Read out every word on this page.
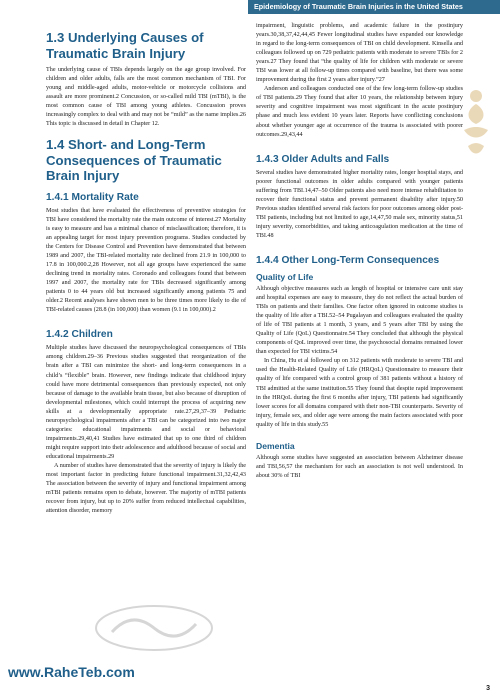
Epidemiology of Traumatic Brain Injuries in the United States
1.3 Underlying Causes of Traumatic Brain Injury

The underlying cause of TBIs depends largely on the age group involved. For children and older adults, falls are the most common mechanism of TBI. For young and middle-aged adults, motor-vehicle or motorcycle collisions and assault are more prominent.2 Concussion, or so-called mild TBI (mTBI), is the most common cause of TBI among young athletes. Concussion proves increasingly complex to deal with and may not be “mild” as the name implies.26 This topic is discussed in detail in Chapter 12.

1.4 Short- and Long-Term Consequences of Traumatic Brain Injury
1.4.1 Mortality Rate

Most studies that have evaluated the effectiveness of preventive strategies for TBI have considered the mortality rate the main outcome of interest.27 Mortality is easy to measure and has a minimal chance of misclassification; therefore, it is an appealing target for most injury prevention programs. Studies conducted by the Centers for Disease Control and Prevention have demonstrated that between 1989 and 2007, the TBI-related mortality rate declined from 21.9 in 100,000 to 17.8 in 100,000.2,28 However, not all age groups have experienced the same declining trend in mortality rates. Coronado and colleagues found that between 1997 and 2007, the mortality rate for TBIs decreased significantly among patients 0 to 44 years old but increased significantly among patients 75 and older.2 Recent analyses have shown men to be three times more likely to die of TBI-related causes (28.8 (in 100,000) than women (9.1 in 100,000).2

1.4.2 Children

Multiple studies have discussed the neuropsychological consequences of TBIs among children.29–36 Previous studies suggested that reorganization of the brain after a TBI can minimize the short- and long-term consequences in a child’s “flexible” brain. However, new findings indicate that childhood injury could have more detrimental consequences than previously expected, not only because of damage to the available brain tissue, but also because of disruption of developmental milestones, which could interrupt the process of acquiring new skills at a developmentally appropriate rate.27,29,37–39 Pediatric neuropsychological impairments after a TBI can be categorized into two major categories: educational impairments and social or behavioral impairments.29,40,41 Studies have estimated that up to one third of children might require support into their adolescence and adulthood because of social and educational impairments.29

A number of studies have demonstrated that the severity of injury is likely the most important factor in predicting future functional impairment.31,32,42,43 The association between the severity of injury and functional impairment among mTBI patients remains open to debate, however. The majority of mTBI patients recover from injury, but up to 20% suffer from reduced intellectual capabilities, attention disorder, memory

impairment, linguistic problems, and academic failure in the postinjury years.30,38,37,42,44,45 Fewer longitudinal studies have expanded our knowledge in regard to the long-term consequences of TBI on child development. Kinsella and colleagues followed up on 729 pediatric patients with moderate to severe TBIs for 2 years.27 They found that “the quality of life for children with moderate or severe TBI was lower at all follow-up times compared with baseline, but there was some improvement during the first 2 years after injury.”27

Anderson and colleagues conducted one of the few long-term follow-up studies of TBI patients.29 They found that after 10 years, the relationship between injury severity and cognitive impairment was most significant in the acute postinjury phase and much less evident 10 years later. Reports have conflicting conclusions about whether younger age at occurrence of the trauma is associated with poorer outcomes.29,43,44

1.4.3 Older Adults and Falls

Several studies have demonstrated higher mortality rates, longer hospital stays, and poorer functional outcomes in older adults compared with younger patients suffering from TBI.14,47–50 Older patients also need more intense rehabilitation to recover their functional status and prevent permanent disability after injury.50 Previous studies identified several risk factors for poor outcomes among older post-TBI patients, including but not limited to age,14,47,50 male sex, minority status,51 injury severity, comorbidities, and taking anticoagulation medication at the time of TBI.48

1.4.4 Other Long-Term Consequences
Quality of Life

Although objective measures such as length of hospital or intensive care unit stay and hospital expenses are easy to measure, they do not reflect the actual burden of TBIs on patients and their families. One factor often ignored in outcome studies is the quality of life after a TBI.52–54 Pugalayan and colleagues evaluated the quality of life of TBI patients at 1 month, 3 years, and 5 years after TBI by using the Quality of Life (QoL) Questionnaire.54 They concluded that although the physical components of QoL improved over time, the psychosocial domains remained lower than expected for TBI victims.54

In China, Hu et al followed up on 312 patients with moderate to severe TBI and used the Health-Related Quality of Life (HRQoL) Questionnaire to measure their quality of life compared with a control group of 381 patients without a history of TBI admitted at the same institution.55 They found that despite rapid improvement in the HRQoL during the first 6 months after injury, TBI patients had significantly lower scores for all domains compared with their non-TBI counterparts. Severity of injury, female sex, and older age were among the main factors associated with poor quality of life in this study.55

Dementia

Although some studies have suggested an association between Alzheimer disease and TBI,56,57 the mechanism for such an association is not well understood. In about 30% of TBI

www.RaheTeb.com
3
